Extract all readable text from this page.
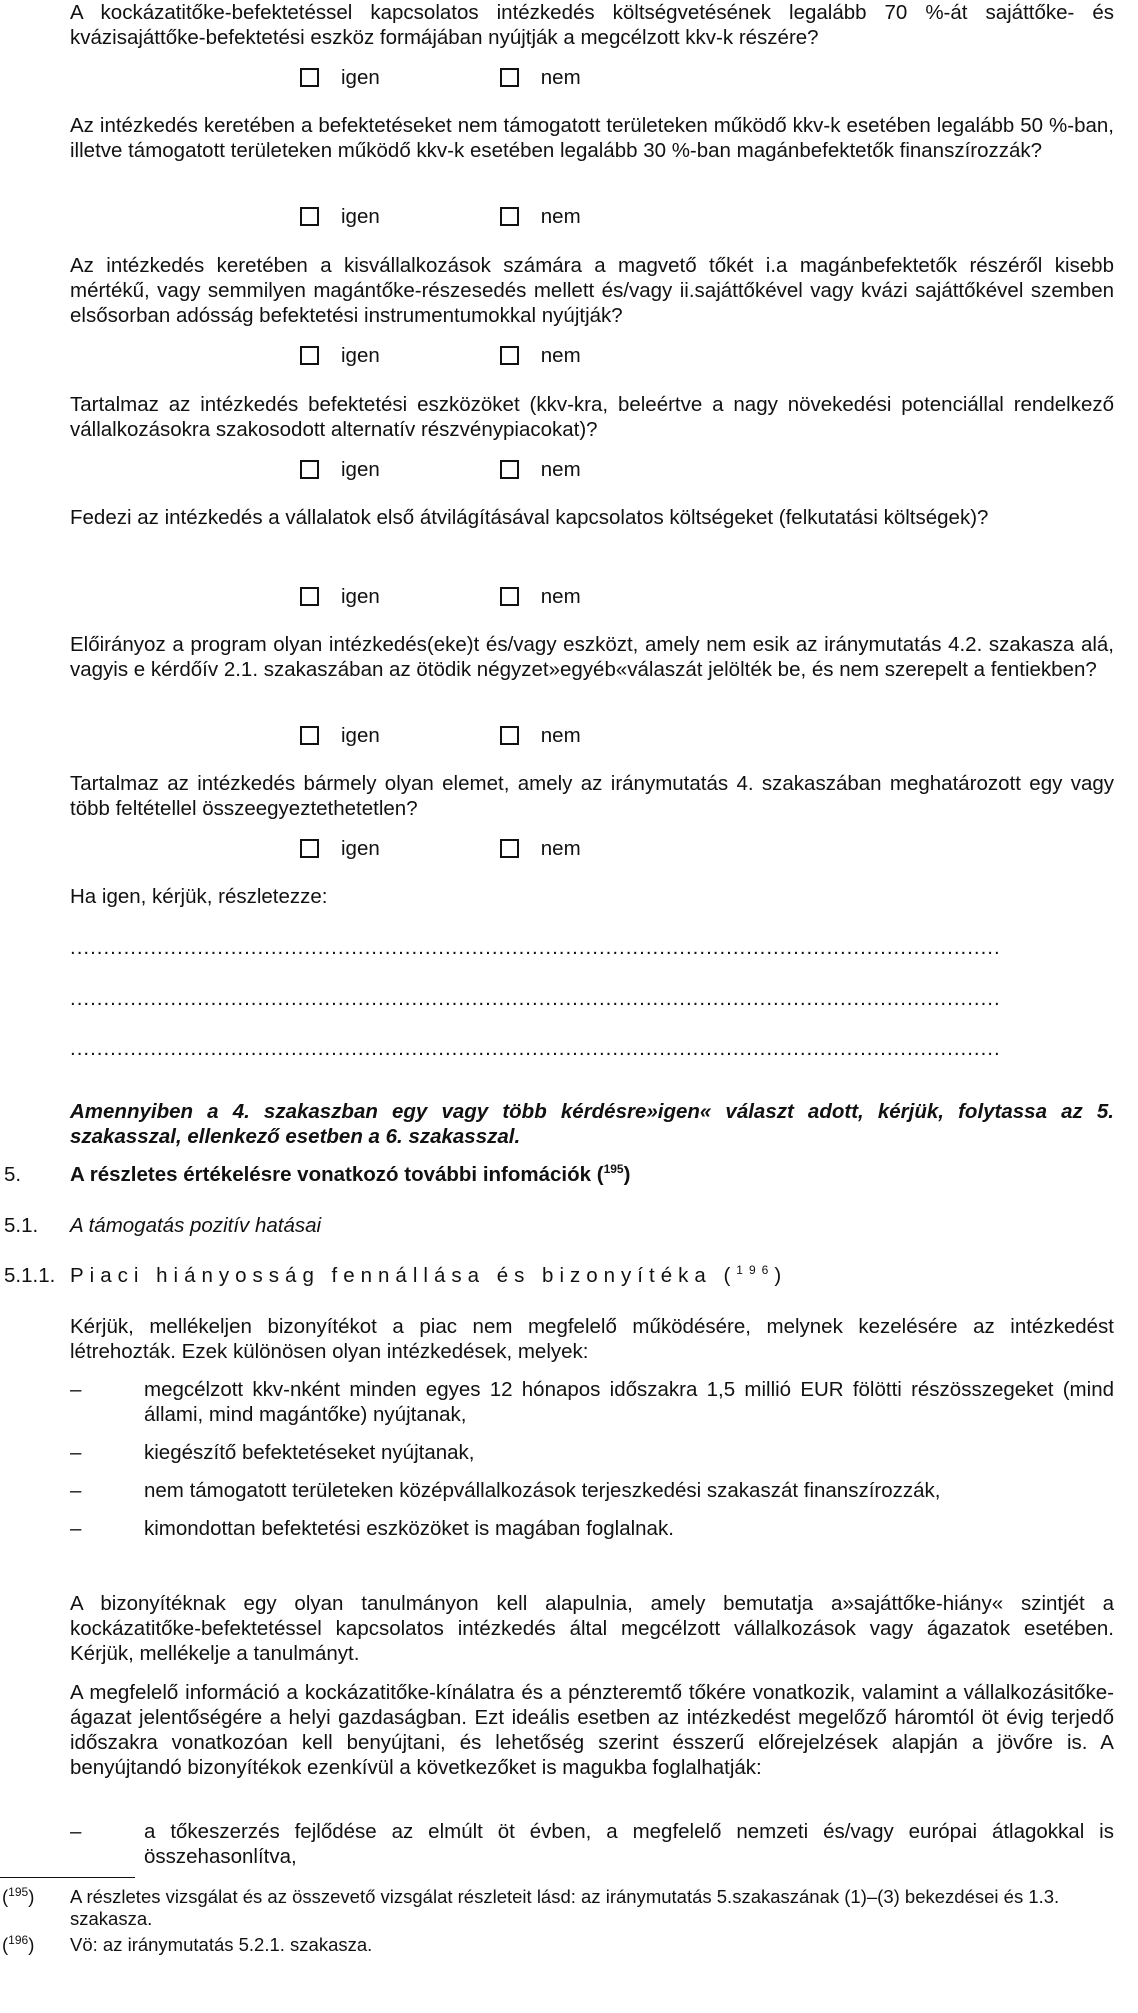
A kockázatitőke-befektetéssel kapcsolatos intézkedés költségvetésének legalább 70 %-át sajáttőke- és kvázisajáttőke-befektetési eszköz formájában nyújtják a megcélzott kkv-k részére?

igen	nem

Az intézkedés keretében a befektetéseket nem támogatott területeken működő kkv-k esetében legalább 50 %-ban, illetve támogatott területeken működő kkv-k esetében legalább 30 %-ban magánbefektetők finanszírozzák?

igen	nem

Az intézkedés keretében a kisvállalkozások számára a magvető tőkét i.a magánbefektetők részéről kisebb mértékű, vagy semmilyen magántőke-részesedés mellett és/vagy ii.sajáttőkével vagy kvázi sajáttőkével szemben elsősorban adósság befektetési instrumentumokkal nyújtják?

igen	nem

Tartalmaz az intézkedés befektetési eszközöket (kkv-kra, beleértve a nagy növekedési potenciállal rendelkező vállalkozásokra szakosodott alternatív részvénypiacokat)?

igen	nem

Fedezi az intézkedés a vállalatok első átvilágításával kapcsolatos költségeket (felkutatási költségek)?

igen	nem

Előirányoz a program olyan intézkedés(eke)t és/vagy eszközt, amely nem esik az iránymutatás 4.2. szakasza alá, vagyis e kérdőív 2.1. szakaszában az ötödik négyzet»egyéb«válaszát jelölték be, és nem szerepelt a fentiekben?

igen	nem

Tartalmaz az intézkedés bármely olyan elemet, amely az iránymutatás 4. szakaszában meghatározott egy vagy több feltétellel összeegyeztethetetlen?

igen	nem

Ha igen, kérjük, részletezze:

...........................................................................................................................................
...........................................................................................................................................
...........................................................................................................................................

Amennyiben a 4. szakaszban egy vagy több kérdésre»igen« választ adott, kérjük, folytassa az 5. szakasszal, ellenkező esetben a 6. szakasszal.

5.	A részletes értékelésre vonatkozó további infomációk ($^{195}$)
5.1.	A támogatás pozitív hatásai
5.1.1. Piaci hiányosság fennállása és bizonyítéka ($^{196}$)

Kérjük, mellékeljen bizonyítékot a piac nem megfelelő működésére, melynek kezelésére az intézkedést létrehozták. Ezek különösen olyan intézkedések, melyek:

–	megcélzott kkv-nként minden egyes 12 hónapos időszakra 1,5 millió EUR fölötti részösszegeket (mind állami, mind magántőke) nyújtanak,

–	kiegészítő befektetéseket nyújtanak,

–	nem támogatott területeken középvállalkozások terjeszkedési szakaszát finanszírozzák,

–	kimondottan befektetési eszközöket is magában foglalnak.

A bizonyítéknak egy olyan tanulmányon kell alapulnia, amely bemutatja a»sajáttőke-hiány« szintjét a kockázatitőke-befektetéssel kapcsolatos intézkedés által megcélzott vállalkozások vagy ágazatok esetében. Kérjük, mellékelje a tanulmányt.

A megfelelő információ a kockázatitőke-kínálatra és a pénzteremtő tőkére vonatkozik, valamint a vállalkozásitőke-ágazat jelentőségére a helyi gazdaságban. Ezt ideális esetben az intézkedést megelőző háromtól öt évig terjedő időszakra vonatkozóan kell benyújtani, és lehetőség szerint ésszerű előrejelzések alapján a jövőre is. A benyújtandó bizonyítékok ezenkívül a következőket is magukba foglalhatják:

–	a tőkeszerzés fejlődése az elmúlt öt évben, a megfelelő nemzeti és/vagy európai átlagokkal is összehasonlítva,

($^{195}$)	A részletes vizsgálat és az összevető vizsgálat részleteit lásd: az iránymutatás 5.szakaszának (1)–(3) bekezdései és 1.3. szakasza.
($^{196}$)	Vö: az iránymutatás 5.2.1. szakasza.
